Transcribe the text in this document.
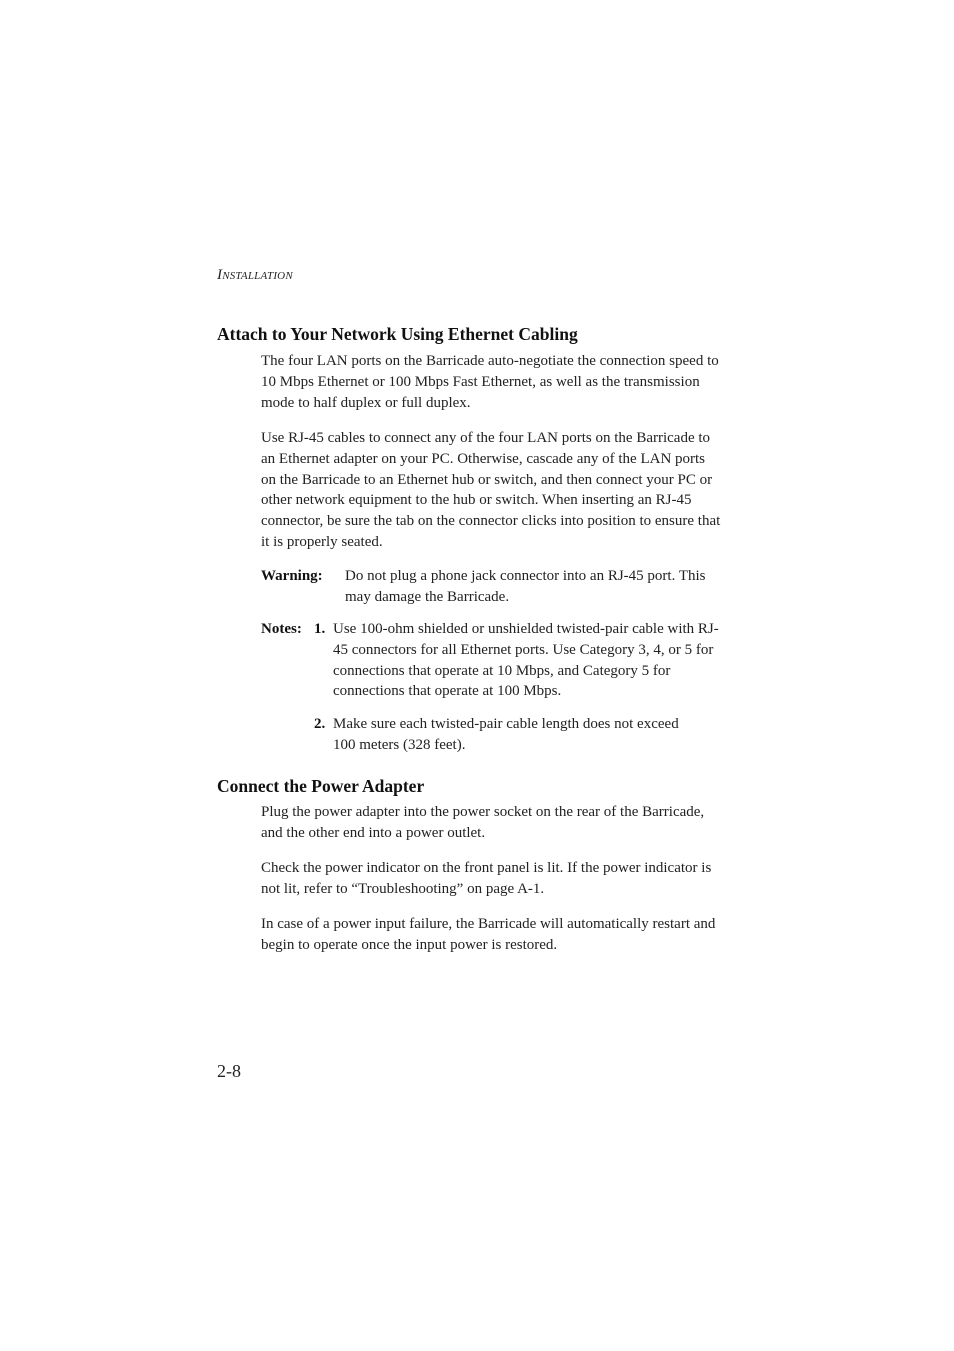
Installation
Attach to Your Network Using Ethernet Cabling
The four LAN ports on the Barricade auto-negotiate the connection speed to 10 Mbps Ethernet or 100 Mbps Fast Ethernet, as well as the transmission mode to half duplex or full duplex.
Use RJ-45 cables to connect any of the four LAN ports on the Barricade to an Ethernet adapter on your PC. Otherwise, cascade any of the LAN ports on the Barricade to an Ethernet hub or switch, and then connect your PC or other network equipment to the hub or switch. When inserting an RJ-45 connector, be sure the tab on the connector clicks into position to ensure that it is properly seated.
Warning: Do not plug a phone jack connector into an RJ-45 port. This may damage the Barricade.
Notes: 1. Use 100-ohm shielded or unshielded twisted-pair cable with RJ-45 connectors for all Ethernet ports. Use Category 3, 4, or 5 for connections that operate at 10 Mbps, and Category 5 for connections that operate at 100 Mbps.
2. Make sure each twisted-pair cable length does not exceed 100 meters (328 feet).
Connect the Power Adapter
Plug the power adapter into the power socket on the rear of the Barricade, and the other end into a power outlet.
Check the power indicator on the front panel is lit. If the power indicator is not lit, refer to “Troubleshooting” on page A-1.
In case of a power input failure, the Barricade will automatically restart and begin to operate once the input power is restored.
2-8
